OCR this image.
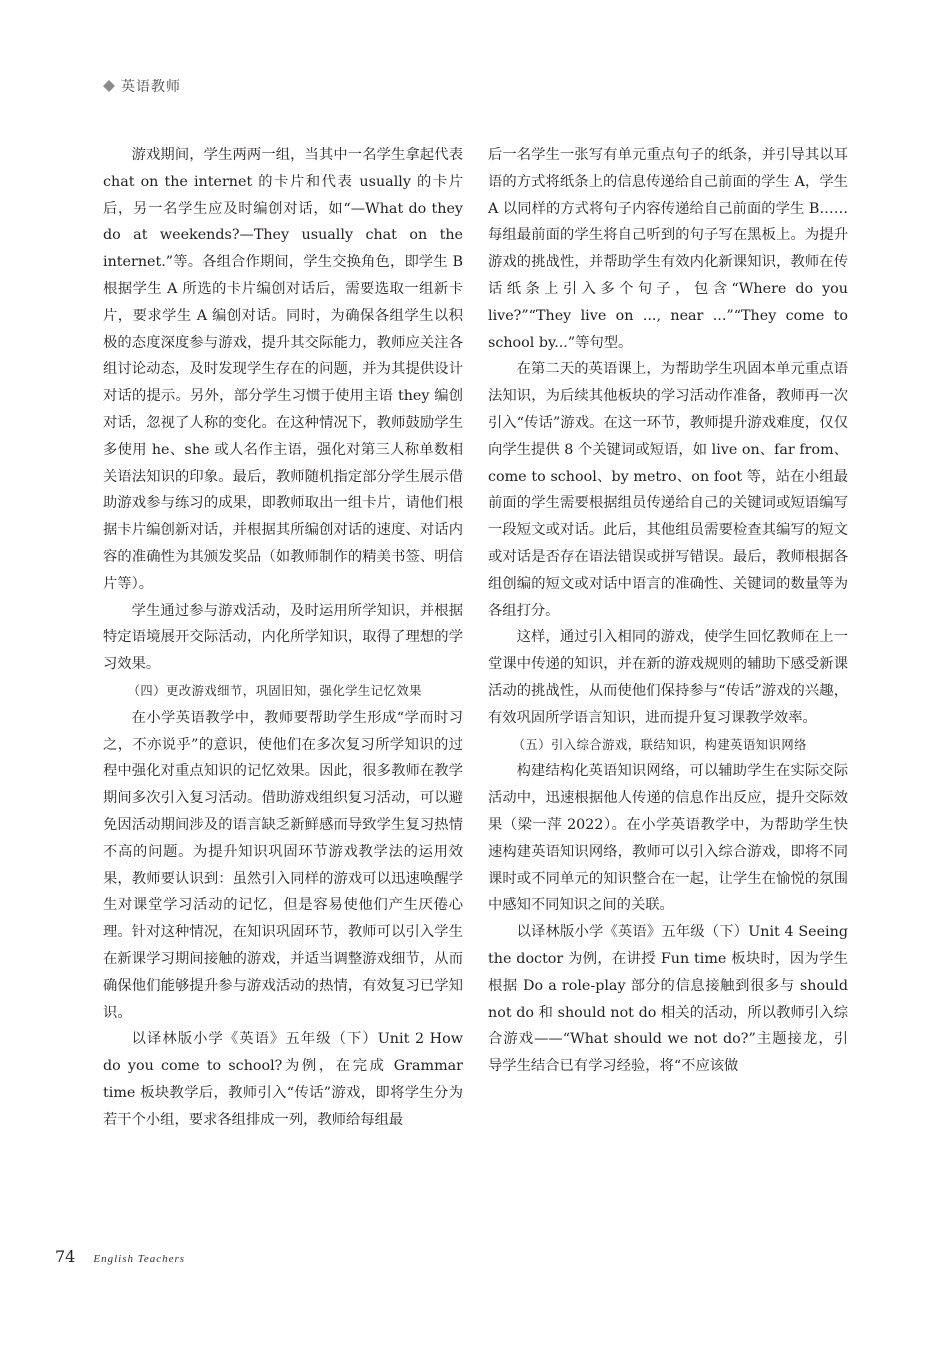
英语教师

游戏期间，学生两两一组，当其中一名学生拿起代表 chat on the internet 的卡片和代表 usually 的卡片后，另一名学生应及时编创对话，如“—What do they do at weekends?—They usually chat on the internet.”等。各组合作期间，学生交换角色，即学生 B 根据学生 A 所选的卡片编创对话后，需要选取一组新卡片，要求学生 A 编创对话。同时，为确保各组学生以积极的态度深度参与游戏，提升其交际能力，教师应关注各组讨论动态，及时发现学生存在的问题，并为其提供设计对话的提示。另外，部分学生习惯于使用主语 they 编创对话，忽视了人称的变化。在这种情况下，教师鼓励学生多使用 he、she 或人名作主语，强化对第三人称单数相关语法知识的印象。最后，教师随机指定部分学生展示借助游戏参与练习的成果，即教师取出一组卡片，请他们根据卡片编创新对话，并根据其所编创对话的速度、对话内容的准确性为其颁发奖品（如教师制作的精美书签、明信片等）。

学生通过参与游戏活动，及时运用所学知识，并根据特定语境展开交际活动，内化所学知识，取得了理想的学习效果。

（四）更改游戏细节，巩固旧知，强化学生记忆效果

在小学英语教学中，教师要帮助学生形成“学而时习之，不亦说乎”的意识，使他们在多次复习所学知识的过程中强化对重点知识的记忆效果。因此，很多教师在教学期间多次引入复习活动。借助游戏组织复习活动，可以避免因活动期间涉及的语言缺乏新鲜感而导致学生复习热情不高的问题。为提升知识巩固环节游戏教学法的运用效果，教师要认识到：虽然引入同样的游戏可以迅速唤醒学生对课堂学习活动的记忆，但是容易使他们产生厌倦心理。针对这种情况，在知识巩固环节，教师可以引入学生在新课学习期间接触的游戏，并适当调整游戏细节，从而确保他们能够提升参与游戏活动的热情，有效复习已学知识。

以译林版小学《英语》五年级（下）Unit 2 How do you come to school?为例，在完成 Grammar time 板块教学后，教师引入“传话”游戏，即将学生分为若干个小组，要求各组排成一列，教师给每组最

后一名学生一张写有单元重点句子的纸条，并引导其以耳语的方式将纸条上的信息传递给自己前面的学生 A，学生 A 以同样的方式将句子内容传递给自己前面的学生 B……每组最前面的学生将自己听到的句子写在黑板上。为提升游戏的挑战性，并帮助学生有效内化新课知识，教师在传话纸条上引入多个句子，包含“Where do you live?”“They live on ..., near ...”“They come to school by...”等句型。

在第二天的英语课上，为帮助学生巩固本单元重点语法知识，为后续其他板块的学习活动作准备，教师再一次引入“传话”游戏。在这一环节，教师提升游戏难度，仅仅向学生提供 8 个关键词或短语，如 live on、far from、come to school、by metro、on foot 等，站在小组最前面的学生需要根据组员传递给自己的关键词或短语编写一段短文或对话。此后，其他组员需要检查其编写的短文或对话是否存在语法错误或拼写错误。最后，教师根据各组创编的短文或对话中语言的准确性、关键词的数量等为各组打分。

这样，通过引入相同的游戏，使学生回忆教师在上一堂课中传递的知识，并在新的游戏规则的辅助下感受新课活动的挑战性，从而使他们保持参与“传话”游戏的兴趣，有效巩固所学语言知识，进而提升复习课教学效率。

（五）引入综合游戏，联结知识，构建英语知识网络

构建结构化英语知识网络，可以辅助学生在实际交际活动中，迅速根据他人传递的信息作出反应，提升交际效果（梁一萍 2022）。在小学英语教学中，为帮助学生快速构建英语知识网络，教师可以引入综合游戏，即将不同课时或不同单元的知识整合在一起，让学生在愉悦的氛围中感知不同知识之间的关联。

以译林版小学《英语》五年级（下）Unit 4 Seeing the doctor 为例，在讲授 Fun time 板块时，因为学生根据 Do a role-play 部分的信息接触到很多与 should not do 和 should not do 相关的活动，所以教师引入综合游戏——“What should we not do?”主题接龙，引导学生结合已有学习经验，将“不应该做

74 English Teachers
